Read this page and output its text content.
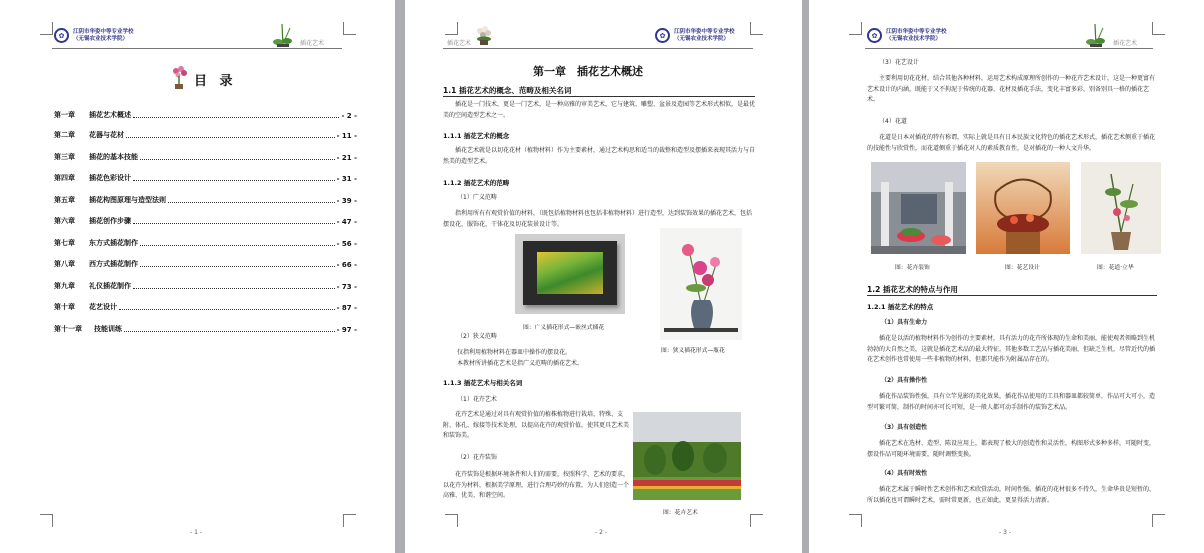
✿	江阴市华姿中等专业学校
（无锡农业技术学院）
插花艺术
目 录
第一章	插花艺术概述	- 2 -
第二章	花器与花材	- 11 -
第三章	插花的基本技能	- 21 -
第四章	插花色彩设计	- 31 -
第五章	插花构图原理与造型法则	- 39 -
第六章	插花创作步骤	- 47 -
第七章	东方式插花制作	- 56 -
第八章	西方式插花制作	- 66 -
第九章	礼仪插花制作	- 73 -
第十章	花艺设计	- 87 -
第十一章	技能训练	- 97 -
- 1 -
插花艺术
✿	江阴市华姿中等专业学校
（无锡农业技术学院）
第一章　插花艺术概述
1.1 插花艺术的概念、范畴及相关名词
插花是一门技术，更是一门艺术，是一种高雅的审美艺术，它与建筑、雕塑、盆景及造园等艺术形式相似，是最优美的空间造型艺术之一。
1.1.1 插花艺术的概念
插花艺术就是以切花花材（植物材料）作为主要素材，通过艺术构思和适当的裁整和造型及摆插来表现其活力与自然美的造型艺术。
1.1.2 插花艺术的范畴
（1）广义范畴
指利用所有有观赏价值的材料，（既包括植物材料也包括非植物材料）进行造型，达到装饰效果的插花艺术，包括摆设花、服饰花、干体花及切花装景设计等。
图：广义插花形式—嵌丝式插花
图：狭义插花形式—瓶花
（2）狭义范畴
仅指利用植物材料在器皿中操作的摆设花。
本教材所讲插花艺术是指广义范畴的插花艺术。
1.1.3 插花艺术与相关名词
（1）花卉艺术
花卉艺术是通过对具有观赏价值的植株植物进行栽培、特殊、支附、体孔、嫁接等技术处理，以提高花卉的观赏价值，使其更具艺术美和装饰美。
（2）花卉装饰
花卉装饰是根据环境条件和人们的需要，按照科学、艺术的要求，以花卉为材料，根据美学原理，进行合理巧妙的布置，为人们创造一个高雅、优美、和谐空间。
图：花卉艺术
- 2 -
✿	江阴市华姿中等专业学校
（无锡农业技术学院）
插花艺术
（3）花艺设计
主要利用切花花材，结合其他各种材料，运用艺术构成原理所创作的一种花卉艺术设计，这是一种更富有艺术设计的内涵，既能于又不拘泥于传统的花器、花材及插花手法，变化丰富多彩，别备别具一格的插花艺术。
（4）花道
花道是日本对插花的特有称谓，实际上就是具有日本民族文化特色的插花艺术形式，插花艺术侧重于插花的技能性与欣赏性，而花道侧重于插花对人的素质教育性，是对插花的一种人文升华。
图：花卉装饰	图：花艺设计	图：花道·立华
1.2 插花艺术的特点与作用
1.2.1 插花艺术的特点
（1）具有生命力
插花是以活的植物材料作为创作的主要素材，具有活力的花卉所体现的生命和美丽，能使观者领略到生机勃勃的大自然之美，这就是插花艺术品的最大特征。其他多数工艺品与插花美丽，但缺乏生机，尽管近代的插花艺术创作也常使用一些非植物的材料，但都只能作为附属品存在的。
（2）具有操作性
插花作品装饰性强，具有立竿见影的美化效果，插花作品使用的工具和器皿都较简单，作品可大可小，造型可繁可简，制作的时间亦可长可短，是一般人都可动手制作的装饰艺术品。
（3）具有创造性
插花艺术在选材、造型、陈设应用上，都表现了极大的创造性和灵活性，构图形式多种多样，可随时变，摆设作品可随环境需要，随时调整变换。
（4）具有时效性
插花艺术属于瞬时性艺术创作和艺术欣赏活动，时间性强。插花的花材很多不持久，生命华贵是短暂的，所以插花也可谓瞬时艺术，需时常更新，也正如此，更显得活力清新。
- 3 -
